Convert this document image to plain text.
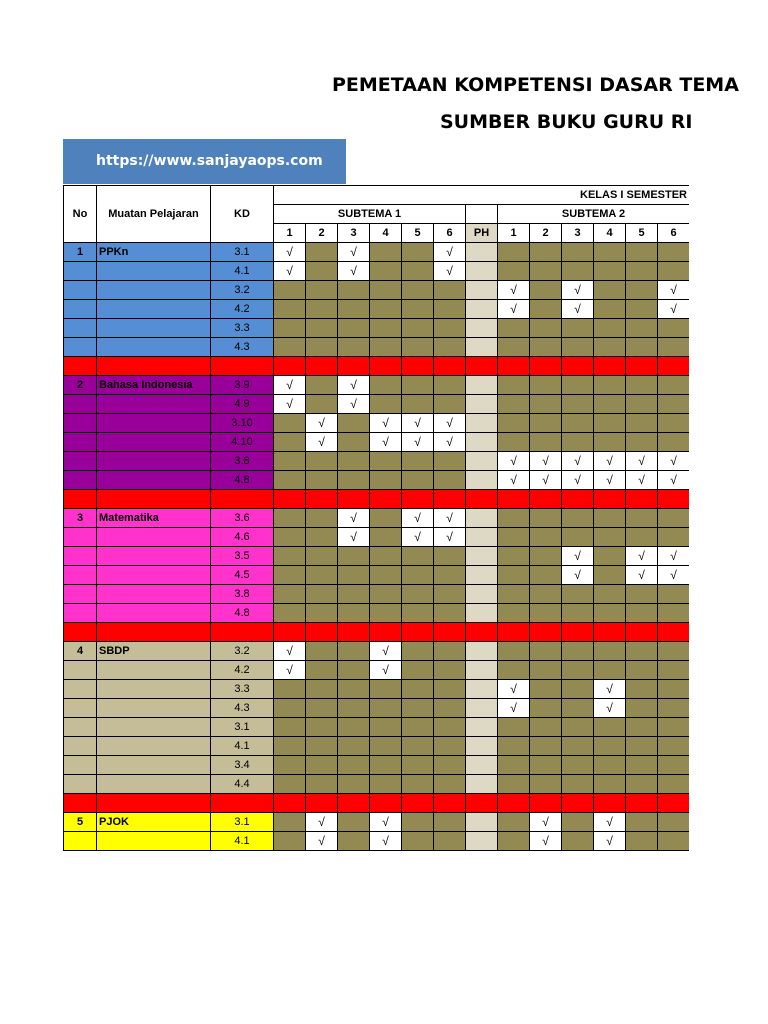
PEMETAAN KOMPETENSI DASAR TEMA
SUMBER BUKU GURU RI
https://www.sanjayaops.com
No	Muatan Pelajaran	KD	KELAS I SEMESTER												
			SUBTEMA 1							SUBTEMA 2					
			1	2	3	4	5	6	PH	1	2	3	4	5	6
1	PPKn	3.1	√		√			√							
		4.1	√		√			√							
		3.2								√		√			√
		4.2								√		√			√
		3.3													
		4.3													

2	Bahasa Indonesia	3.9	√		√										
		4.9	√		√										
		3.10		√		√	√	√							
		4.10		√		√	√	√							
		3.8								√	√	√	√	√	√
		4.8								√	√	√	√	√	√

3	Matematika	3.6			√		√	√							
		4.6			√		√	√							
		3.5										√		√	√
		4.5										√		√	√
		3.8													
		4.8													

4	SBDP	3.2	√			√									
		4.2	√			√									
		3.3								√			√		
		4.3								√			√		
		3.1													
		4.1													
		3.4													
		4.4													

5	PJOK	3.1		√		√					√		√		
		4.1		√		√					√		√		
